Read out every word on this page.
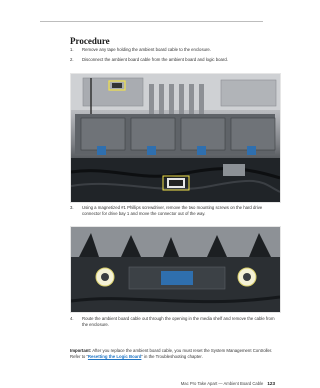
Procedure
1. Remove any tape holding the ambient board cable to the enclosure.
2. Disconnect the ambient board cable from the ambient board and logic board.
3. Using a magnetized #1 Phillips screwdriver, remove the two mounting screws on the hard drive connector for drive bay 1 and move the connector out of the way.
4. Route the ambient board cable out through the opening in the media shelf and remove the cable from the enclosure.
Important: After you replace the ambient board cable, you must reset the System Management Controller. Refer to “Resetting the Logic Board” in the Troubleshooting chapter.
Mac Pro Take Apart — Ambient Board Cable 123
